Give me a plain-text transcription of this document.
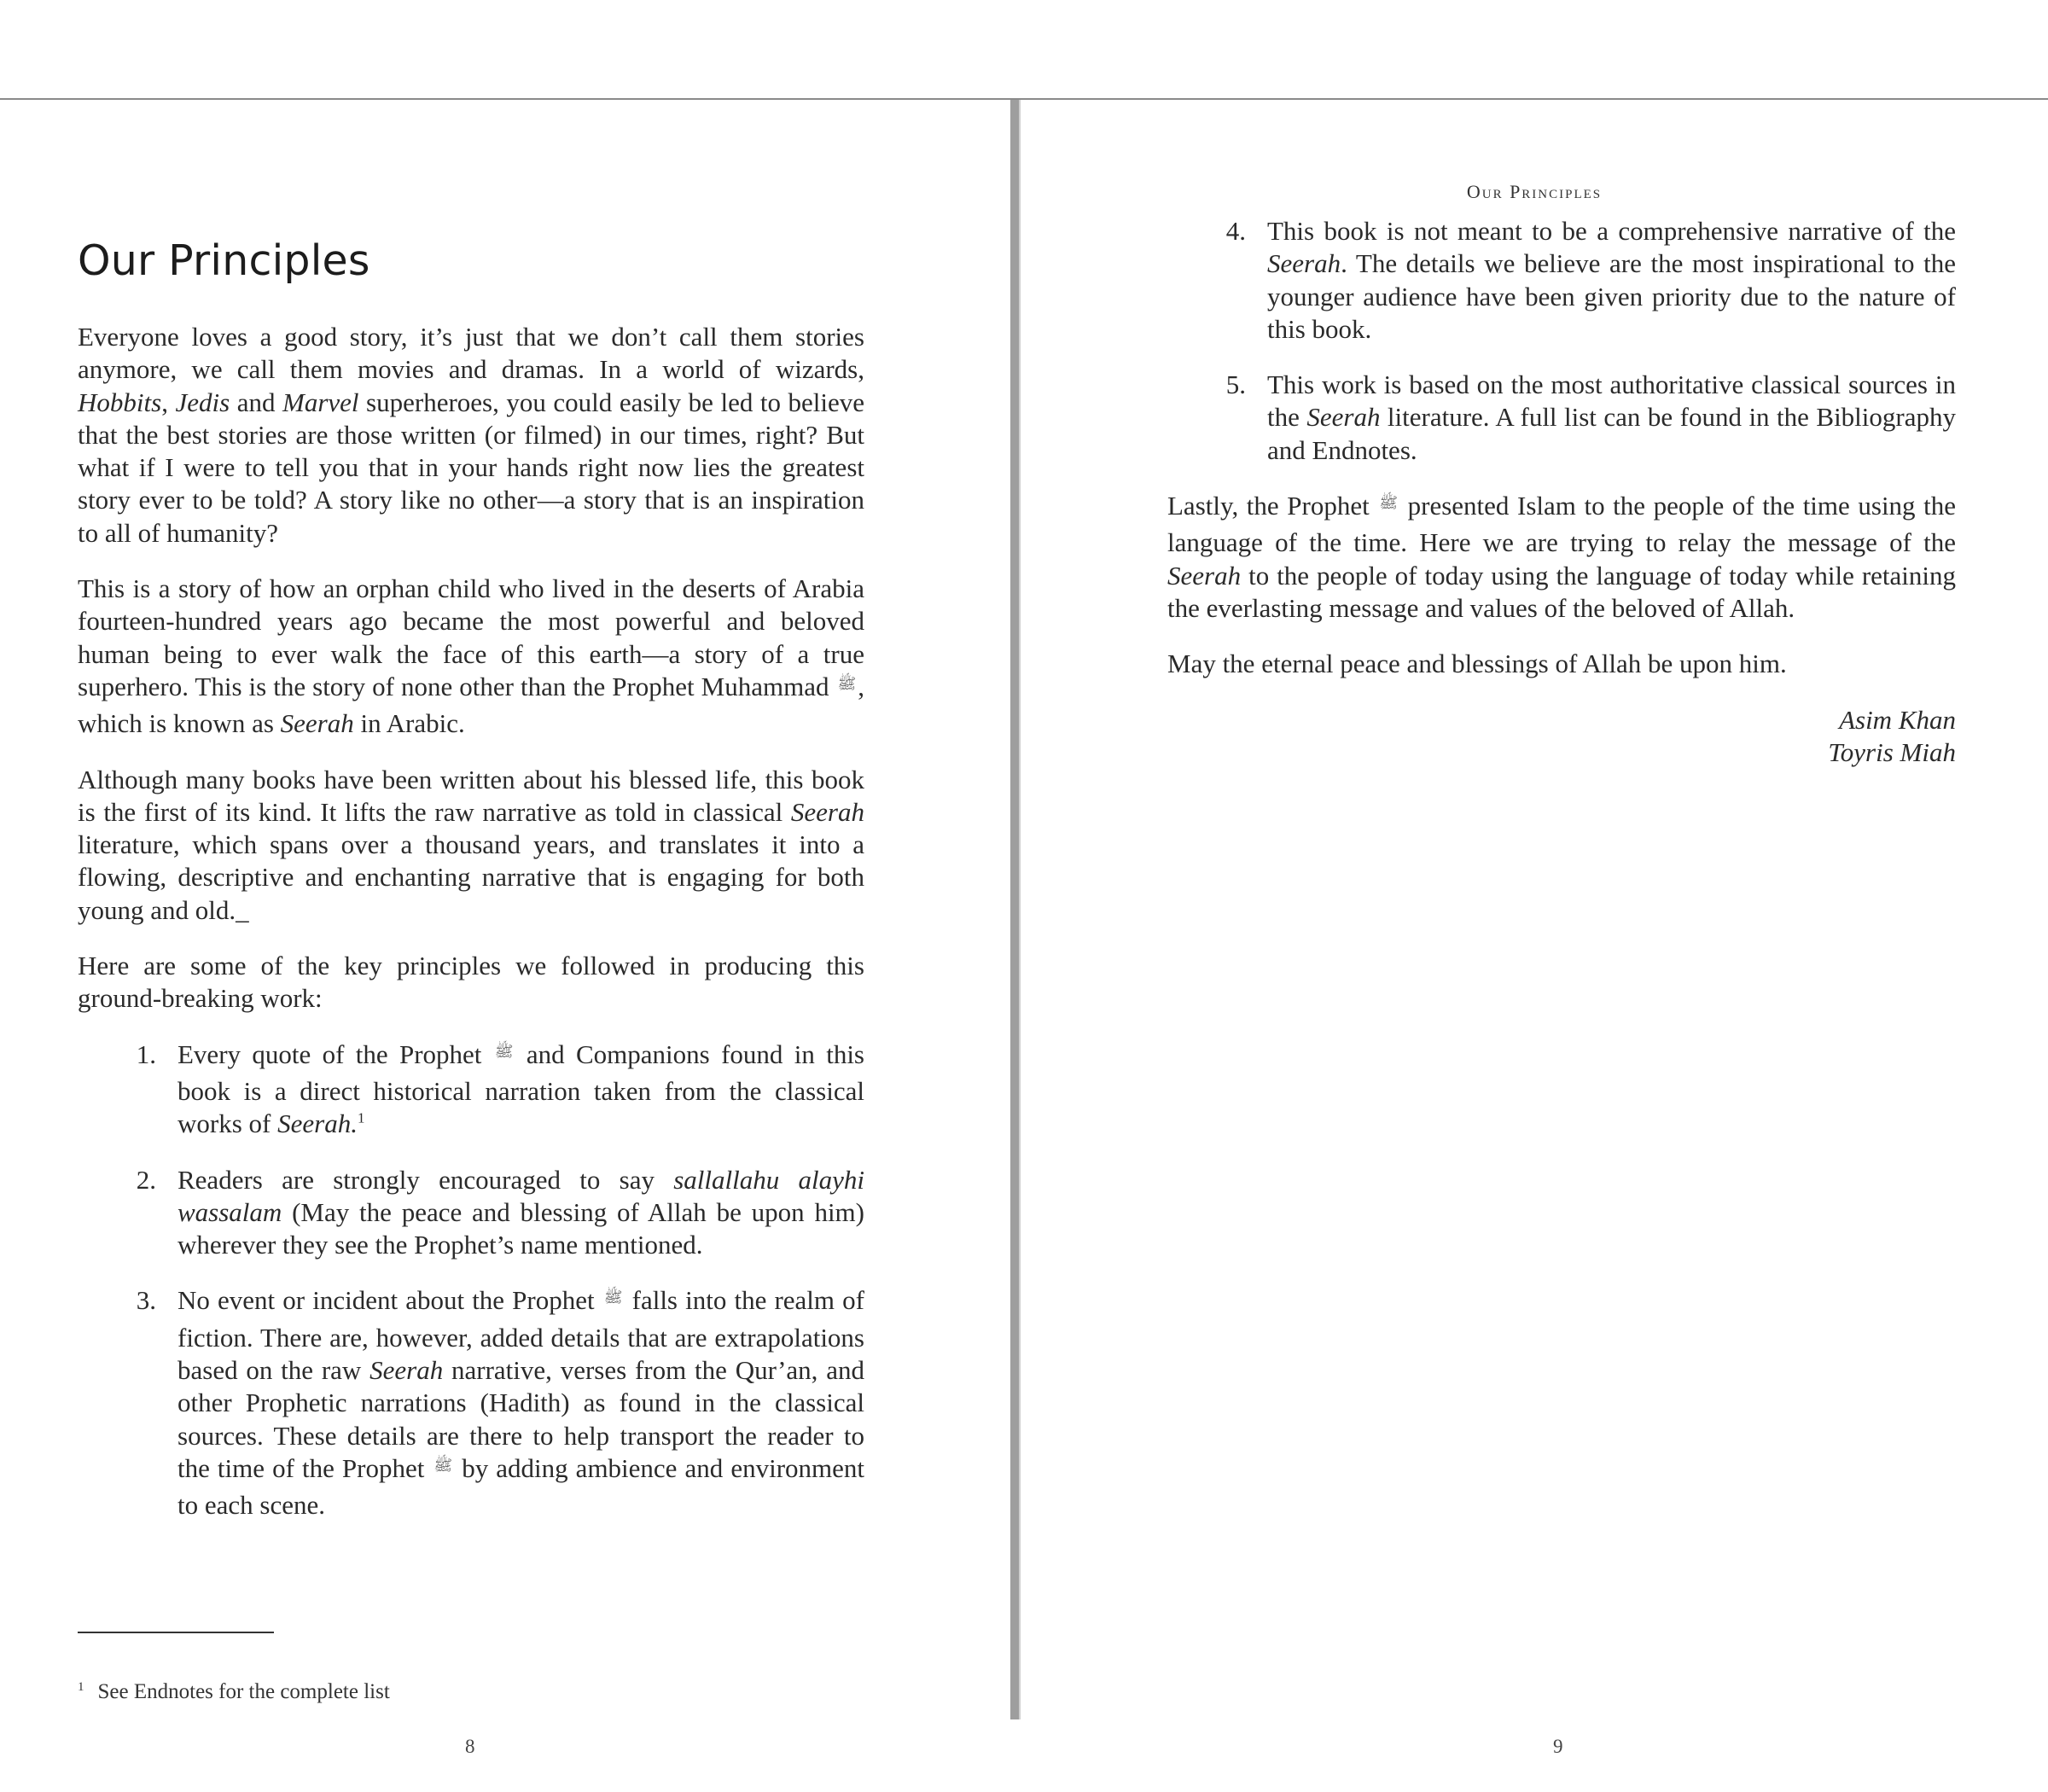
Our Principles

Everyone loves a good story, it’s just that we don’t call them stories anymore, we call them movies and dramas. In a world of wizards, Hobbits, Jedis and Marvel superheroes, you could easily be led to believe that the best stories are those written (or filmed) in our times, right? But what if I were to tell you that in your hands right now lies the greatest story ever to be told? A story like no other—a story that is an inspiration to all of humanity?

This is a story of how an orphan child who lived in the deserts of Arabia fourteen-hundred years ago became the most powerful and beloved human being to ever walk the face of this earth—a story of a true superhero. This is the story of none other than the Prophet Muhammad $^ﷺ$, which is known as Seerah in Arabic.

Although many books have been written about his blessed life, this book is the first of its kind. It lifts the raw narrative as told in classical Seerah literature, which spans over a thousand years, and translates it into a flowing, descriptive and enchanting narrative that is engaging for both young and old._

Here are some of the key principles we followed in producing this ground-breaking work:

1. Every quote of the Prophet $^ﷺ$ and Companions found in this book is a direct historical narration taken from the classical works of Seerah.$^1$
2. Readers are strongly encouraged to say sallallahu alayhi wassalam (May the peace and blessing of Allah be upon him) wherever they see the Prophet’s name mentioned.
3. No event or incident about the Prophet $^ﷺ$ falls into the realm of fiction. There are, however, added details that are extrapolations based on the raw Seerah narrative, verses from the Qur’an, and other Prophetic narrations (Hadith) as found in the classical sources. These details are there to help transport the reader to the time of the Prophet $^ﷺ$ by adding ambience and environment to each scene.
$^1$ See Endnotes for the complete list
8
Our Principles
4. This book is not meant to be a comprehensive narrative of the Seerah. The details we believe are the most inspirational to the younger audience have been given priority due to the nature of this book.
5. This work is based on the most authoritative classical sources in the Seerah literature. A full list can be found in the Bibliography and Endnotes.

Lastly, the Prophet $^ﷺ$ presented Islam to the people of the time using the language of the time. Here we are trying to relay the message of the Seerah to the people of today using the language of today while retaining the everlasting message and values of the beloved of Allah.

May the eternal peace and blessings of Allah be upon him.

Asim Khan
Toyris Miah
9
